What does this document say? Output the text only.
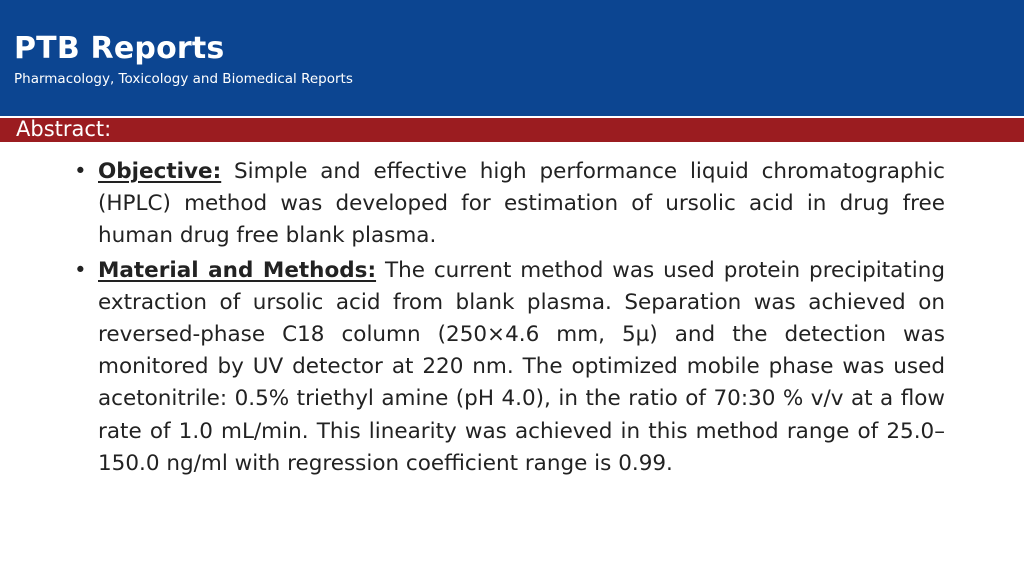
PTB Reports
Pharmacology, Toxicology and Biomedical Reports
Abstract:

• Objective: Simple and effective high performance liquid chromatographic (HPLC) method was developed for estimation of ursolic acid in drug free human drug free blank plasma.

• Material and Methods: The current method was used protein precipitating extraction of ursolic acid from blank plasma. Separation was achieved on reversed-phase C18 column (250×4.6 mm, 5µ) and the detection was monitored by UV detector at 220 nm. The optimized mobile phase was used acetonitrile: 0.5% triethyl amine (pH 4.0), in the ratio of 70:30 % v/v at a flow rate of 1.0 mL/min. This linearity was achieved in this method range of 25.0–150.0 ng/ml with regression coefficient range is 0.99.
